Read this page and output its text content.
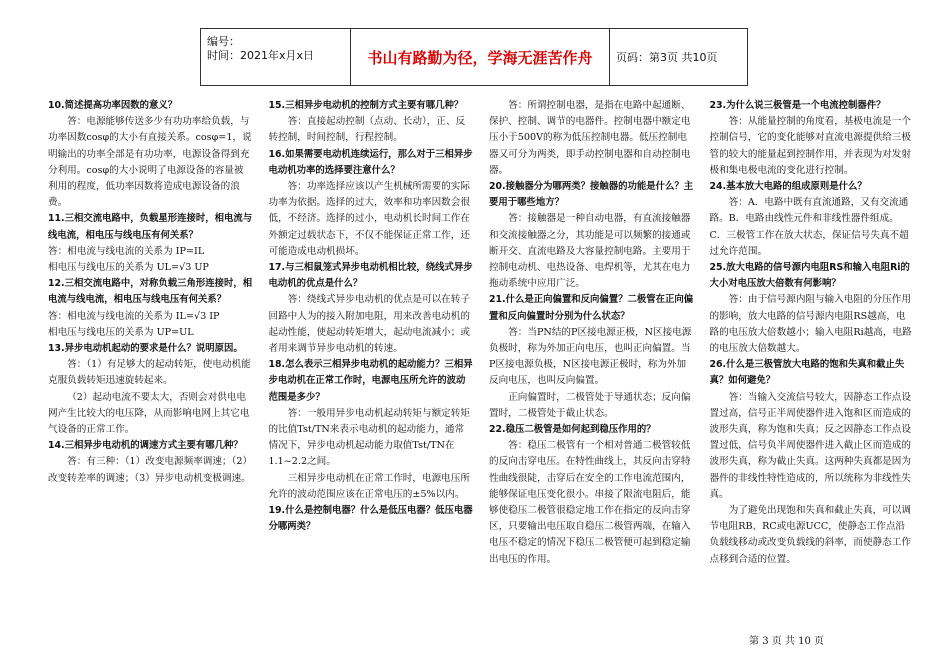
编号：
时间：2021年x月x日	书山有路勤为径，学海无涯苦作舟	页码：第3页 共10页

10.简述提高功率因数的意义？

答：电源能够传送多少有功功率给负载，与功率因数cosφ的大小有直接关系。cosφ=1，说明输出的功率全部是有功功率，电源设备得到充分利用。cosφ的大小说明了电源设备的容量被利用的程度，低功率因数将造成电源设备的浪费。

11.三相交流电路中，负载星形连接时，相电流与线电流，相电压与线电压有何关系？

答：相电流与线电流的关系为 IP=IL

相电压与线电压的关系为 UL=√3 UP

12.三相交流电路中，对称负载三角形连接时，相电流与线电流，相电压与线电压有何关系？

答：相电流与线电流的关系为 IL=√3 IP

相电压与线电压的关系为 UP=UL

13.异步电动机起动的要求是什么？说明原因。

答：（1）有足够大的起动转矩，使电动机能克服负载转矩迅速旋转起来。

（2）起动电流不要太大，否则会对供电电网产生比较大的电压降，从而影响电网上其它电气设备的正常工作。

14.三相异步电动机的调速方式主要有哪几种？

答：有三种：（1）改变电源频率调速；（2）改变转差率的调速；（3）异步电动机变极调速。

15.三相异步电动机的控制方式主要有哪几种？

答：直接起动控制（点动、长动），正、反转控制，时间控制，行程控制。

16.如果需要电动机连续运行，那么对于三相异步电动机功率的选择要注意什么？

答：功率选择应该以产生机械所需要的实际功率为依据。选择的过大，效率和功率因数会很低，不经济。选择的过小，电动机长时间工作在外额定过载状态下，不仅不能保证正常工作，还可能造成电动机损坏。

17.与三相鼠笼式异步电动机相比较，绕线式异步电动机的优点是什么？

答：绕线式异步电动机的优点是可以在转子回路中人为的接入附加电阻，用来改善电动机的起动性能，使起动转矩增大，起动电流减小；或者用来调节异步电动机的转速。

18.怎么表示三相异步电动机的起动能力？三相异步电动机在正常工作时，电源电压所允许的波动范围是多少？

答：一般用异步电动机起动转矩与额定转矩的比值Tst/TN来表示电动机的起动能力，通常情况下，异步电动机起动能力取值Tst/TN在1.1~2.2之间。

三相异步电动机在正常工作时，电源电压所允许的波动范围应该在正常电压的±5%以内。

19.什么是控制电器？什么是低压电器？低压电器分哪两类？

答：所谓控制电器，是指在电路中起通断、保护、控制、调节的电器件。控制电器中额定电压小于500V的称为低压控制电器。低压控制电器又可分为两类，即手动控制电器和自动控制电器。

20.接触器分为哪两类？接触器的功能是什么？主要用于哪些地方？

答：接触器是一种自动电器，有直流接触器和交流接触器之分，其功能是可以频繁的接通或断开交、直流电路及大容量控制电路。主要用于控制电动机、电热设备、电焊机等，尤其在电力拖动系统中应用广泛。

21.什么是正向偏置和反向偏置？二极管在正向偏置和反向偏置时分别为什么状态？

答：当PN结的P区接电源正极，N区接电源负极时，称为外加正向电压，也叫正向偏置。当P区接电源负极，N区接电源正极时，称为外加反向电压，也叫反向偏置。

正向偏置时，二极管处于导通状态；反向偏置时，二极管处于截止状态。

22.稳压二极管是如何起到稳压作用的？

答：稳压二极管有一个相对普通二极管较低的反向击穿电压。在特性曲线上，其反向击穿特性曲线很陡，击穿后在安全的工作电流范围内，能够保证电压变化很小。串接了限流电阻后，能够使稳压二极管很稳定地工作在指定的反向击穿区，只要输出电压取自稳压二极管两端，在输入电压不稳定的情况下稳压二极管便可起到稳定输出电压的作用。

23.为什么说三极管是一个电流控制器件？

答：从能量控制的角度看，基极电流是一个控制信号，它的变化能够对直流电源提供给三极管的较大的能量起到控制作用，并表现为对发射极和集电极电流的变化进行控制。

24.基本放大电路的组成原则是什么？

答：A．电路中既有直流通路，又有交流通路。B．电路由线性元件和非线性器件组成。C．三极管工作在放大状态，保证信号失真不超过允许范围。

25.放大电路的信号源内电阻RS和输入电阻Ri的大小对电压放大倍数有何影响？

答：由于信号源内阻与输入电阻的分压作用的影响，放大电路的信号源内电阻RS越高，电路的电压放大倍数越小；输入电阻Ri越高，电路的电压放大倍数越大。

26.什么是三极管放大电路的饱和失真和截止失真？如何避免？

答：当输入交流信号较大，因静态工作点设置过高，信号正半周使器件进入饱和区而造成的波形失真，称为饱和失真；反之因静态工作点设置过低，信号负半周使器件进入截止区而造成的波形失真，称为截止失真。这两种失真都是因为器件的非线性特性造成的，所以统称为非线性失真。

为了避免出现饱和失真和截止失真，可以调节电阻RB、RC或电源UCC，使静态工作点沿负载线移动或改变负载线的斜率，而使静态工作点移到合适的位置。

第 3 页 共 10 页
